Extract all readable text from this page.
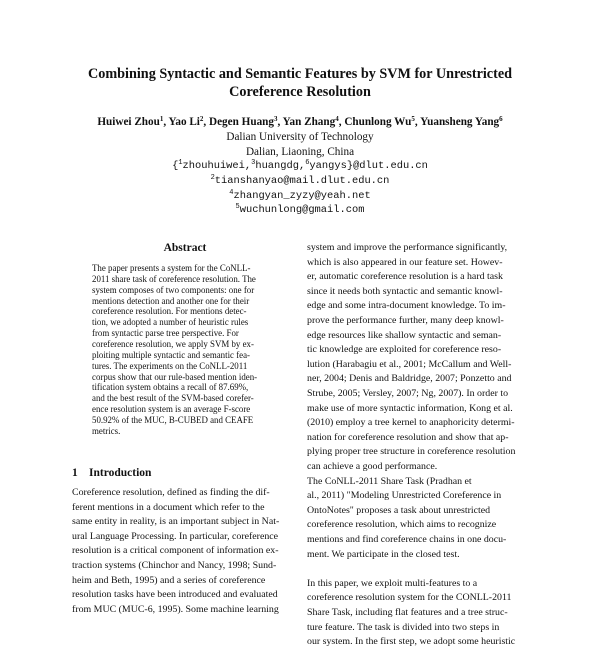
Combining Syntactic and Semantic Features by SVM for Unrestricted
Coreference Resolution
Huiwei Zhou$^1$, Yao Li$^2$, Degen Huang$^3$, Yan Zhang$^4$, Chunlong Wu$^5$, Yuansheng Yang$^6$
Dalian University of Technology
Dalian, Liaoning, China
{$^1$zhouhuiwei,$^3$huangdg,$^6$yangys}@dlut.edu.cn
$^2$tianshanyao@mail.dlut.edu.cn
$^4$zhangyan_zyzy@yeah.net
$^5$wuchunlong@gmail.com
Abstract
The paper presents a system for the CoNLL-
2011 share task of coreference resolution. The
system composes of two components: one for
mentions detection and another one for their
coreference resolution. For mentions detec-
tion, we adopted a number of heuristic rules
from syntactic parse tree perspective. For
coreference resolution, we apply SVM by ex-
ploiting multiple syntactic and semantic fea-
tures. The experiments on the CoNLL-2011
corpus show that our rule-based mention iden-
tification system obtains a recall of 87.69%,
and the best result of the SVM-based corefer-
ence resolution system is an average F-score
50.92% of the MUC, B-CUBED and CEAFE
metrics.
1 Introduction
Coreference resolution, defined as finding the dif-
ferent mentions in a document which refer to the
same entity in reality, is an important subject in Nat-
ural Language Processing. In particular, coreference
resolution is a critical component of information ex-
traction systems (Chinchor and Nancy, 1998; Sund-
heim and Beth, 1995) and a series of coreference
resolution tasks have been introduced and evaluated
from MUC (MUC-6, 1995). Some machine learning
system and improve the performance significantly,
which is also appeared in our feature set. Howev-
er, automatic coreference resolution is a hard task
since it needs both syntactic and semantic knowl-
edge and some intra-document knowledge. To im-
prove the performance further, many deep knowl-
edge resources like shallow syntactic and seman-
tic knowledge are exploited for coreference reso-
lution (Harabagiu et al., 2001; McCallum and Well-
ner, 2004; Denis and Baldridge, 2007; Ponzetto and
Strube, 2005; Versley, 2007; Ng, 2007). In order to
make use of more syntactic information, Kong et al.
(2010) employ a tree kernel to anaphoricity determi-
nation for coreference resolution and show that ap-
plying proper tree structure in coreference resolution
can achieve a good performance.
The CoNLL-2011 Share Task (Pradhan et
al., 2011) "Modeling Unrestricted Coreference in
OntoNotes" proposes a task about unrestricted
coreference resolution, which aims to recognize
mentions and find coreference chains in one docu-
ment. We participate in the closed test.
In this paper, we exploit multi-features to a
coreference resolution system for the CONLL-2011
Share Task, including flat features and a tree struc-
ture feature. The task is divided into two steps in
our system. In the first step, we adopt some heuristic
